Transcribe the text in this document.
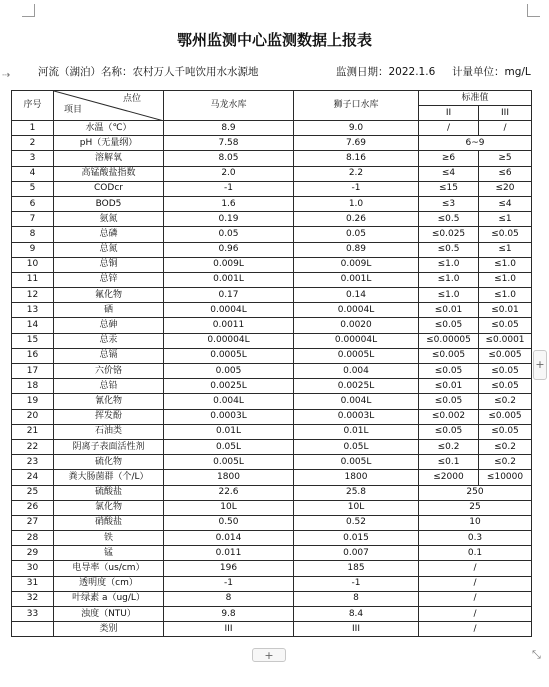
⇢
鄂州监测中心监测数据上报表
河流（湖泊）名称：农村万人千吨饮用水水源地	监测日期：2022.1.6 计量单位：mg/L
序号	点位
项目	马龙水库	狮子口水库	标准值	
				II	III
1	水温（℃）	8.9	9.0	/	/
2	pH（无量纲）	7.58	7.69	6~9	
3	溶解氧	8.05	8.16	≥6	≥5
4	高锰酸盐指数	2.0	2.2	≤4	≤6
5	CODcr	-1	-1	≤15	≤20
6	BOD5	1.6	1.0	≤3	≤4
7	氨氮	0.19	0.26	≤0.5	≤1
8	总磷	0.05	0.05	≤0.025	≤0.05
9	总氮	0.96	0.89	≤0.5	≤1
10	总铜	0.009L	0.009L	≤1.0	≤1.0
11	总锌	0.001L	0.001L	≤1.0	≤1.0
12	氟化物	0.17	0.14	≤1.0	≤1.0
13	硒	0.0004L	0.0004L	≤0.01	≤0.01
14	总砷	0.0011	0.0020	≤0.05	≤0.05
15	总汞	0.00004L	0.00004L	≤0.00005	≤0.0001
16	总镉	0.0005L	0.0005L	≤0.005	≤0.005
17	六价铬	0.005	0.004	≤0.05	≤0.05
18	总铅	0.0025L	0.0025L	≤0.01	≤0.05
19	氰化物	0.004L	0.004L	≤0.05	≤0.2
20	挥发酚	0.0003L	0.0003L	≤0.002	≤0.005
21	石油类	0.01L	0.01L	≤0.05	≤0.05
22	阴离子表面活性剂	0.05L	0.05L	≤0.2	≤0.2
23	硫化物	0.005L	0.005L	≤0.1	≤0.2
24	粪大肠菌群（个/L）	1800	1800	≤2000	≤10000
25	硫酸盐	22.6	25.8	250	
26	氯化物	10L	10L	25	
27	硝酸盐	0.50	0.52	10	
28	铁	0.014	0.015	0.3	
29	锰	0.011	0.007	0.1	
30	电导率（us/cm）	196	185	/	
31	透明度（cm）	-1	-1	/	
32	叶绿素 a（ug/L）	8	8	/	
33	浊度（NTU）	9.8	8.4	/	
	类别	III	III	/	
+
+
⤡
